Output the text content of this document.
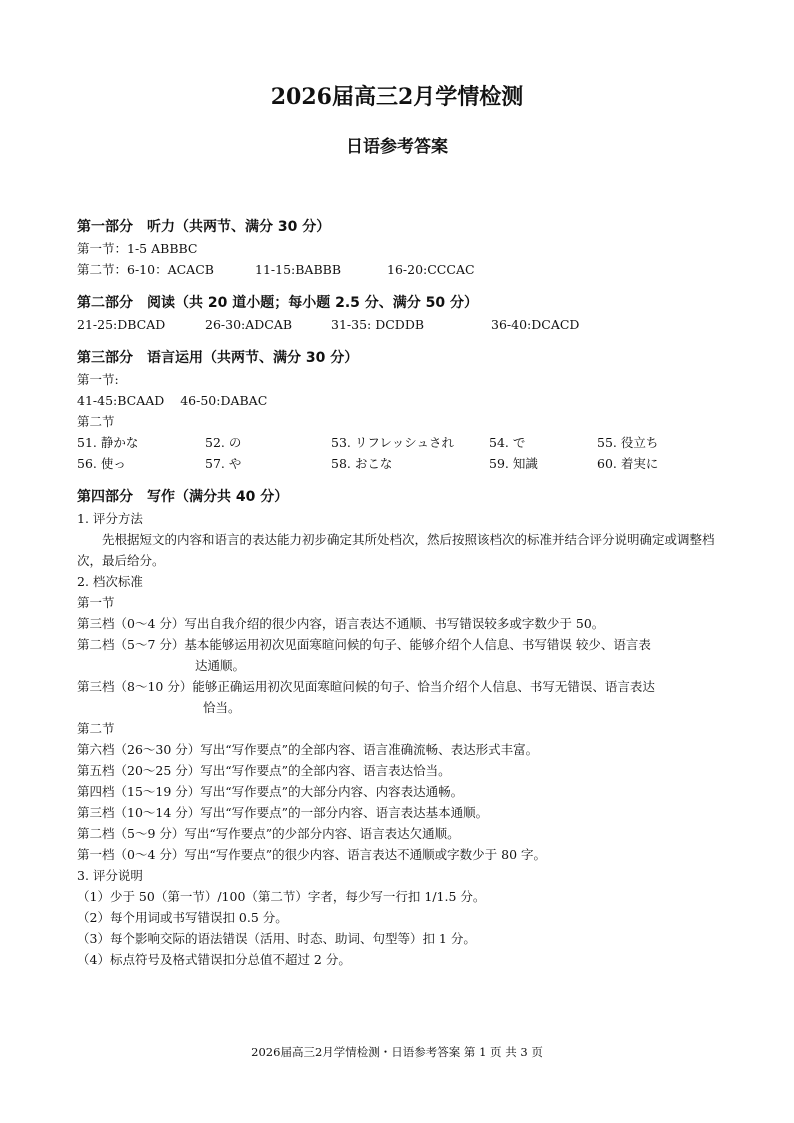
2026届高三2月学情检测
日语参考答案
第一部分 听力（共两节、满分 30 分）
第一节：1-5 ABBBC
第二节：6-10：ACACB	11-15:BABBB	16-20:CCCAC
第二部分 阅读（共 20 道小题；每小题 2.5 分、满分 50 分）
21-25:DBCAD	26-30:ADCAB	31-35: DCDDB	36-40:DCACD
第三部分 语言运用（共两节、满分 30 分）
第一节:
41-45:BCAAD    46-50:DABAC
第二节
51. 静かな	52. の	53. リフレッシュされ	54. で	55. 役立ち
56. 使っ	57. や	58. おこな	59. 知識	60. 着実に
第四部分 写作（满分共 40 分）
1. 评分方法
先根据短文的内容和语言的表达能力初步确定其所处档次，然后按照该档次的标准并结合评分说明确定或调整档次，最后给分。
2. 档次标准
第一节
第三档（0～4 分）写出自我介绍的很少内容，语言表达不通顺、书写错误较多或字数少于 50。
第二档（5～7 分）基本能够运用初次见面寒暄问候的句子、能够介绍个人信息、书写错误 较少、语言表
达通顺。
第三档（8～10 分）能够正确运用初次见面寒暄问候的句子、恰当介绍个人信息、书写无错误、语言表达
恰当。
第二节
第六档（26～30 分）写出“写作要点”的全部内容、语言准确流畅、表达形式丰富。
第五档（20～25 分）写出“写作要点”的全部内容、语言表达恰当。
第四档（15～19 分）写出“写作要点”的大部分内容、内容表达通畅。
第三档（10～14 分）写出“写作要点”的一部分内容、语言表达基本通顺。
第二档（5～9 分）写出“写作要点”的少部分内容、语言表达欠通顺。
第一档（0～4 分）写出“写作要点”的很少内容、语言表达不通顺或字数少于 80 字。
3. 评分说明
（1）少于 50（第一节）/100（第二节）字者，每少写一行扣 1/1.5 分。
（2）每个用词或书写错误扣 0.5 分。
（3）每个影响交际的语法错误（活用、时态、助词、句型等）扣 1 分。
（4）标点符号及格式错误扣分总值不超过 2 分。
2026届高三2月学情检测・日语参考答案 第 1 页 共 3 页
